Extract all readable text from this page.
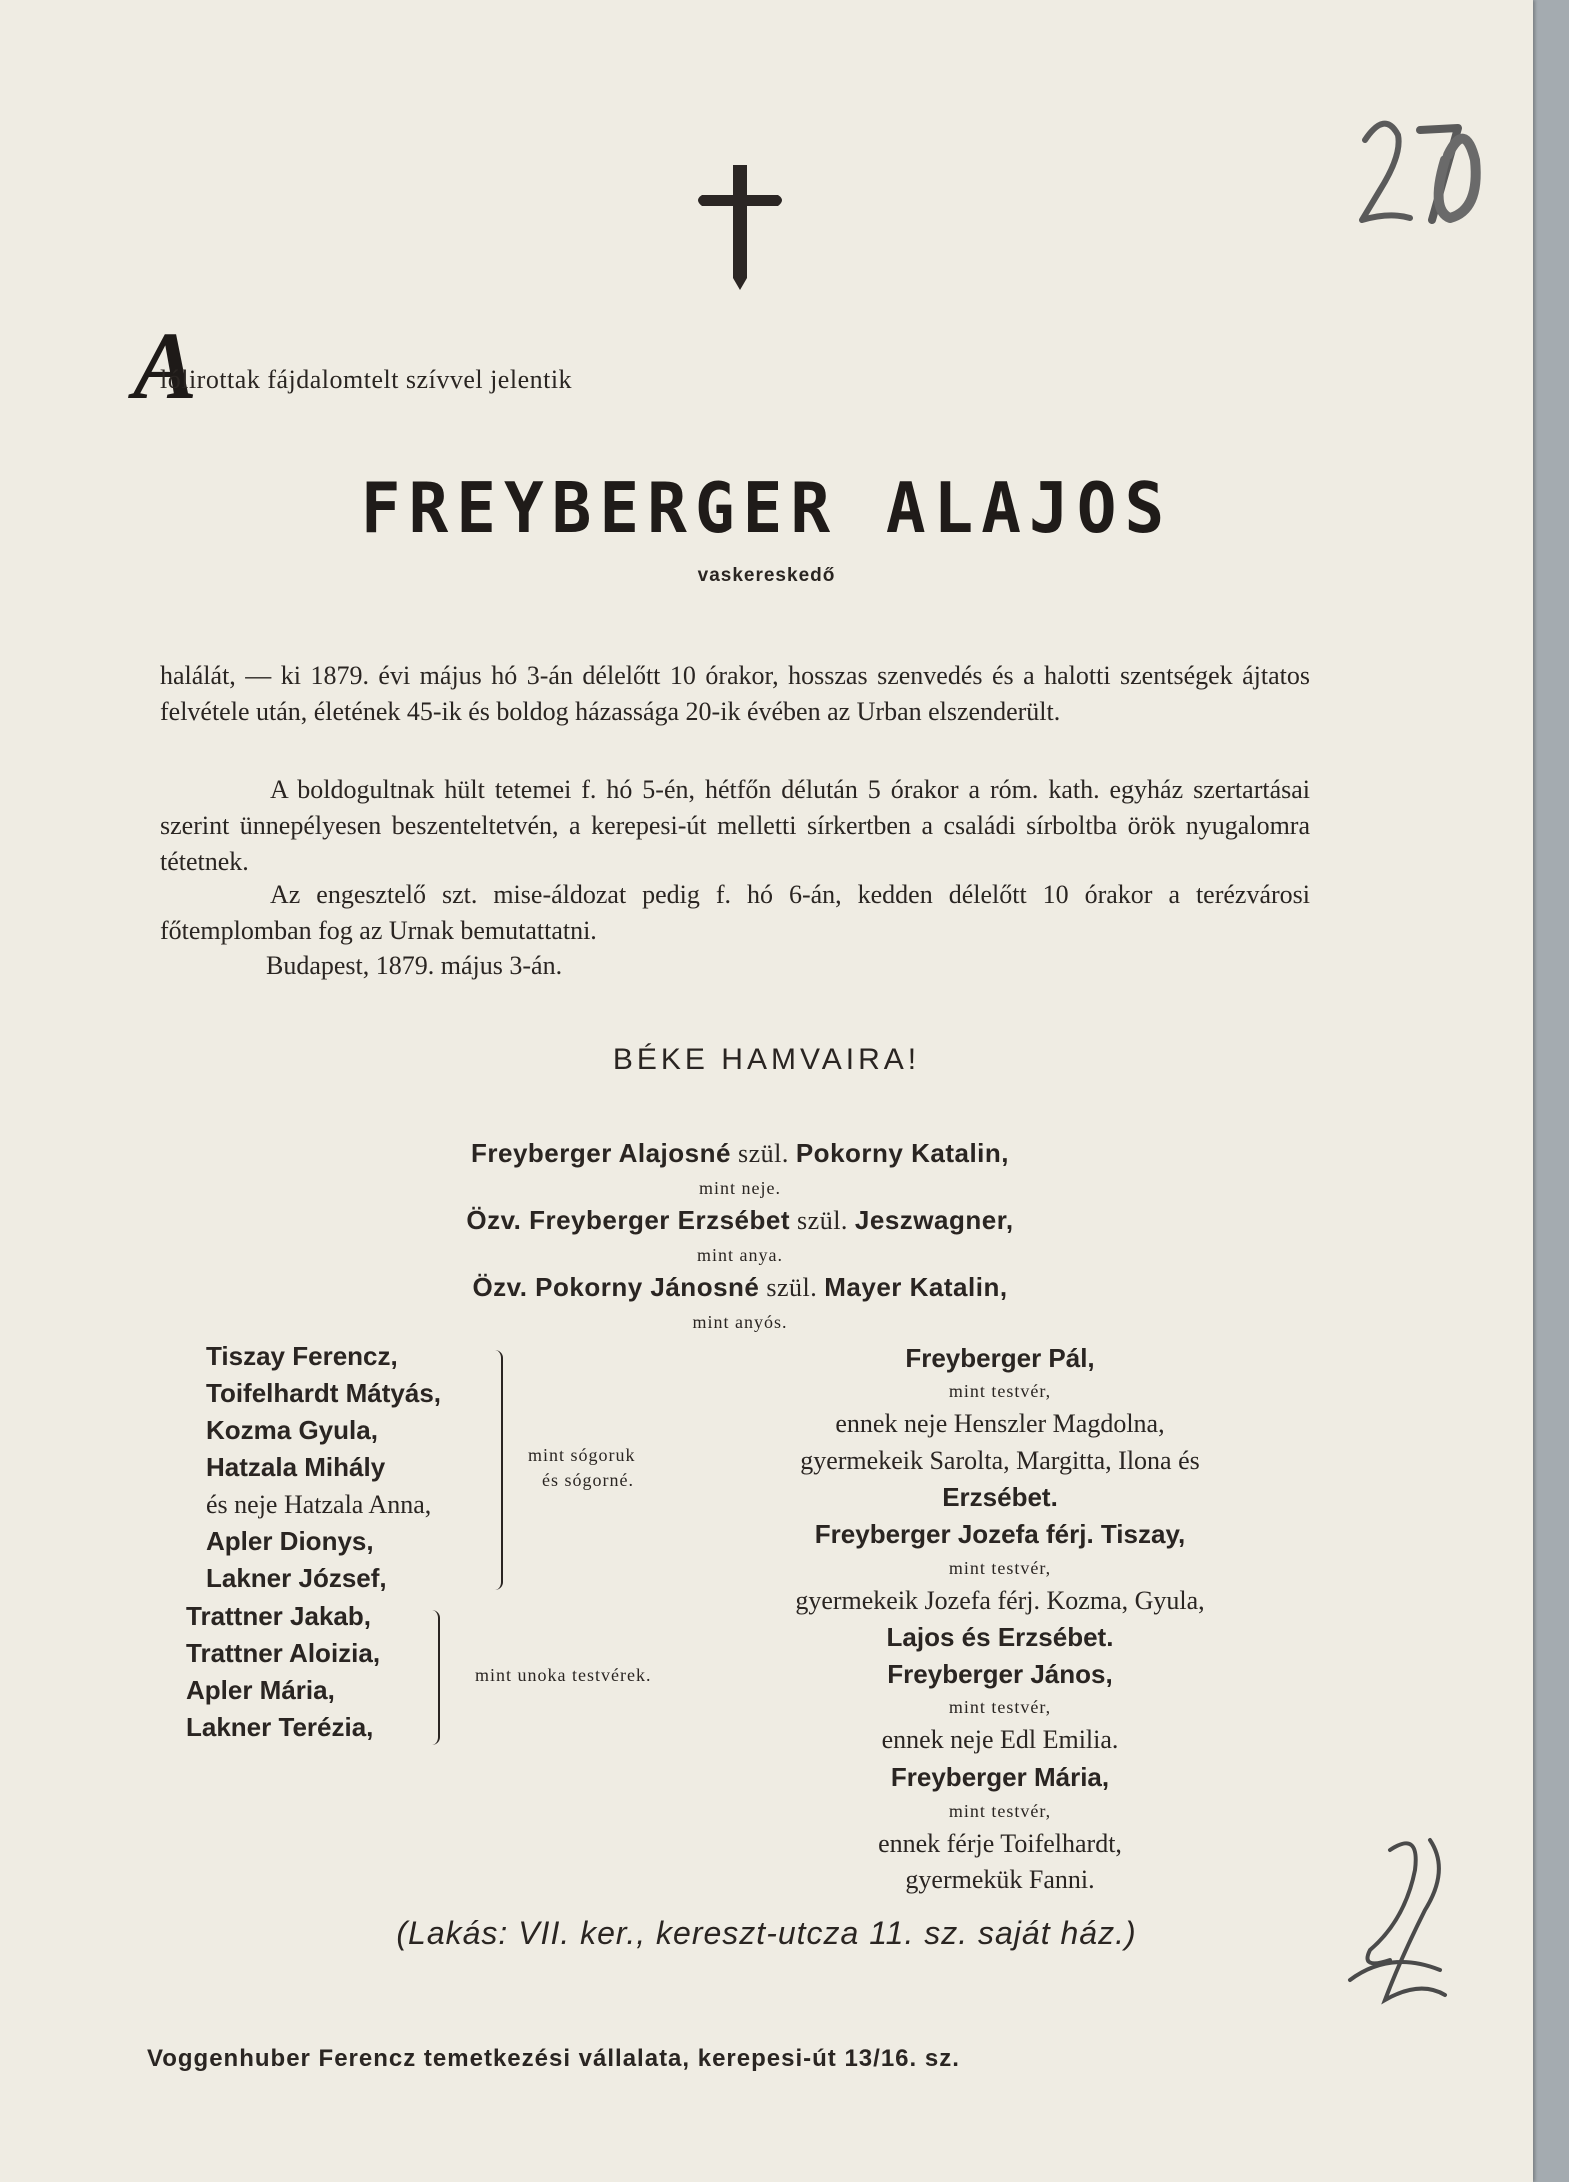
A
lólirottak fájdalomtelt szívvel jelentik
FREYBERGER ALAJOS
vaskereskedő
halálát, — ki 1879. évi május hó 3-án délelőtt 10 órakor, hosszas szenvedés és a halotti szentségek ájtatos felvétele után, életének 45-ik és boldog házassága 20-ik évében az Urban elszenderült.
A boldogultnak hült tetemei f. hó 5-én, hétfőn délután 5 órakor a róm. kath. egyház szertartásai szerint ünnepélyesen beszenteltetvén, a kerepesi-út melletti sírkertben a családi sírboltba örök nyugalomra tétetnek.
Az engesztelő szt. mise-áldozat pedig f. hó 6-án, kedden délelőtt 10 órakor a terézvárosi főtemplomban fog az Urnak bemutattatni.
Budapest, 1879. május 3-án.
BÉKE HAMVAIRA!
Freyberger Alajosné szül. Pokorny Katalin,
mint neje.
Özv. Freyberger Erzsébet szül. Jeszwagner,
mint anya.
Özv. Pokorny Jánosné szül. Mayer Katalin,
mint anyós.
Tiszay Ferencz,
Toifelhardt Mátyás,
Kozma Gyula,
Hatzala Mihály
és neje Hatzala Anna,
Apler Dionys,
Lakner József,
mint sógoruk
és sógorné.
Trattner Jakab,
Trattner Aloizia,
Apler Mária,
Lakner Terézia,
mint unoka testvérek.
Freyberger Pál,
mint testvér,
ennek neje Henszler Magdolna,
gyermekeik Sarolta, Margitta, Ilona és
Erzsébet.
Freyberger Jozefa férj. Tiszay,
mint testvér,
gyermekeik Jozefa férj. Kozma, Gyula,
Lajos és Erzsébet.
Freyberger János,
mint testvér,
ennek neje Edl Emilia.
Freyberger Mária,
mint testvér,
ennek férje Toifelhardt,
gyermekük Fanni.
(Lakás: VII. ker., kereszt-utcza 11. sz. saját ház.)
Voggenhuber Ferencz temetkezési vállalata, kerepesi-út 13/16. sz.
